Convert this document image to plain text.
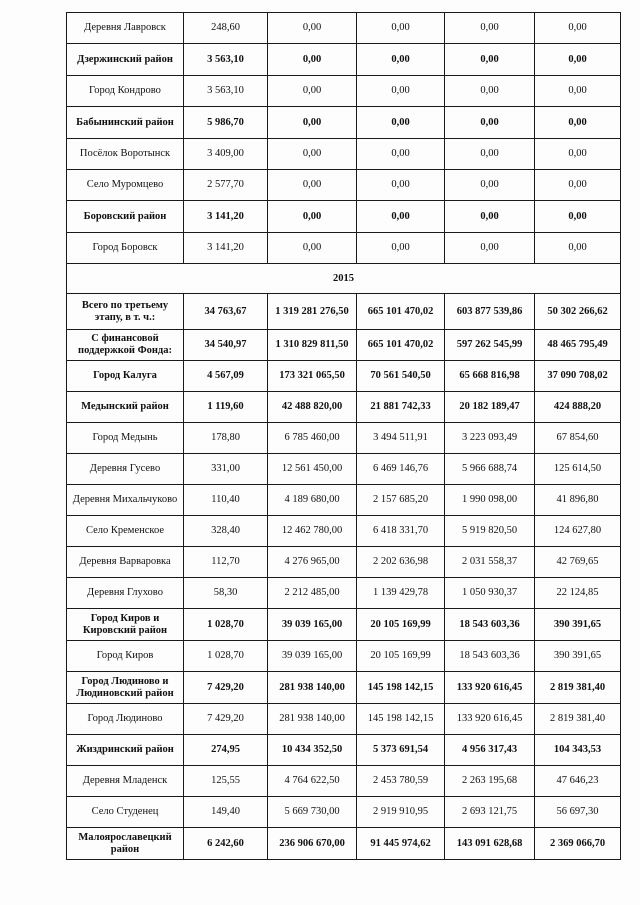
Деревня Лавровск	248,60	0,00	0,00	0,00	0,00
Дзержинский район	3 563,10	0,00	0,00	0,00	0,00
Город Кондрово	3 563,10	0,00	0,00	0,00	0,00
Бабынинский район	5 986,70	0,00	0,00	0,00	0,00
Посёлок Воротынск	3 409,00	0,00	0,00	0,00	0,00
Село Муромцево	2 577,70	0,00	0,00	0,00	0,00
Боровский район	3 141,20	0,00	0,00	0,00	0,00
Город Боровск	3 141,20	0,00	0,00	0,00	0,00
2015					
Всего по третьему этапу, в т. ч.:	34 763,67	1 319 281 276,50	665 101 470,02	603 877 539,86	50 302 266,62
С финансовой поддержкой Фонда:	34 540,97	1 310 829 811,50	665 101 470,02	597 262 545,99	48 465 795,49
Город Калуга	4 567,09	173 321 065,50	70 561 540,50	65 668 816,98	37 090 708,02
Медынский район	1 119,60	42 488 820,00	21 881 742,33	20 182 189,47	424 888,20
Город Медынь	178,80	6 785 460,00	3 494 511,91	3 223 093,49	67 854,60
Деревня Гусево	331,00	12 561 450,00	6 469 146,76	5 966 688,74	125 614,50
Деревня Михальчуково	110,40	4 189 680,00	2 157 685,20	1 990 098,00	41 896,80
Село Кременское	328,40	12 462 780,00	6 418 331,70	5 919 820,50	124 627,80
Деревня Варваровка	112,70	4 276 965,00	2 202 636,98	2 031 558,37	42 769,65
Деревня Глухово	58,30	2 212 485,00	1 139 429,78	1 050 930,37	22 124,85
Город Киров и Кировский район	1 028,70	39 039 165,00	20 105 169,99	18 543 603,36	390 391,65
Город Киров	1 028,70	39 039 165,00	20 105 169,99	18 543 603,36	390 391,65
Город Людиново и Людиновский район	7 429,20	281 938 140,00	145 198 142,15	133 920 616,45	2 819 381,40
Город Людиново	7 429,20	281 938 140,00	145 198 142,15	133 920 616,45	2 819 381,40
Жиздринский район	274,95	10 434 352,50	5 373 691,54	4 956 317,43	104 343,53
Деревня Младенск	125,55	4 764 622,50	2 453 780,59	2 263 195,68	47 646,23
Село Студенец	149,40	5 669 730,00	2 919 910,95	2 693 121,75	56 697,30
Малоярославецкий район	6 242,60	236 906 670,00	91 445 974,62	143 091 628,68	2 369 066,70
